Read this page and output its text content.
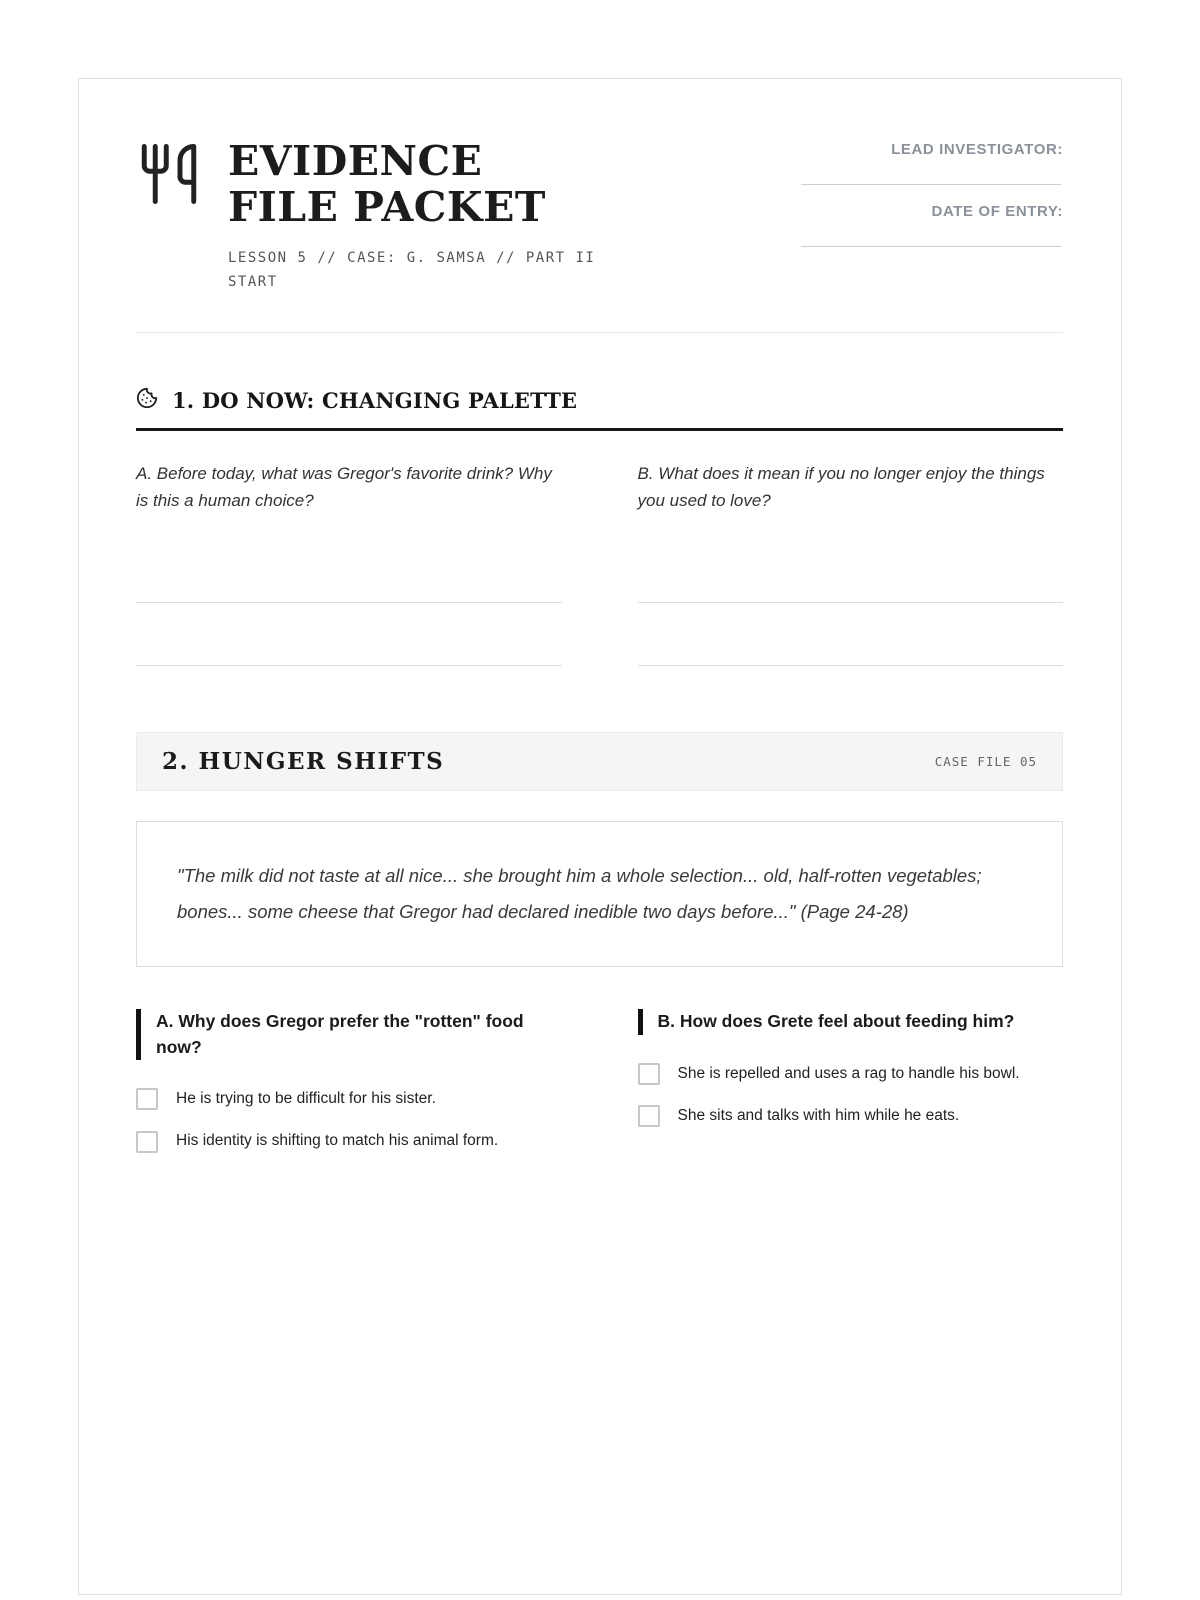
EVIDENCE FILE PACKET
LESSON 5 // CASE: G. SAMSA // PART II START
LEAD INVESTIGATOR:
DATE OF ENTRY:
1. DO NOW: CHANGING PALETTE

A. Before today, what was Gregor's favorite drink? Why is this a human choice?

B. What does it mean if you no longer enjoy the things you used to love?

2. HUNGER SHIFTS	CASE FILE 05

"The milk did not taste at all nice... she brought him a whole selection... old, half-rotten vegetables; bones... some cheese that Gregor had declared inedible two days before..." (Page 24-28)

A. Why does Gregor prefer the "rotten" food now?
He is trying to be difficult for his sister.
His identity is shifting to match his animal form.
B. How does Grete feel about feeding him?
She is repelled and uses a rag to handle his bowl.
She sits and talks with him while he eats.
